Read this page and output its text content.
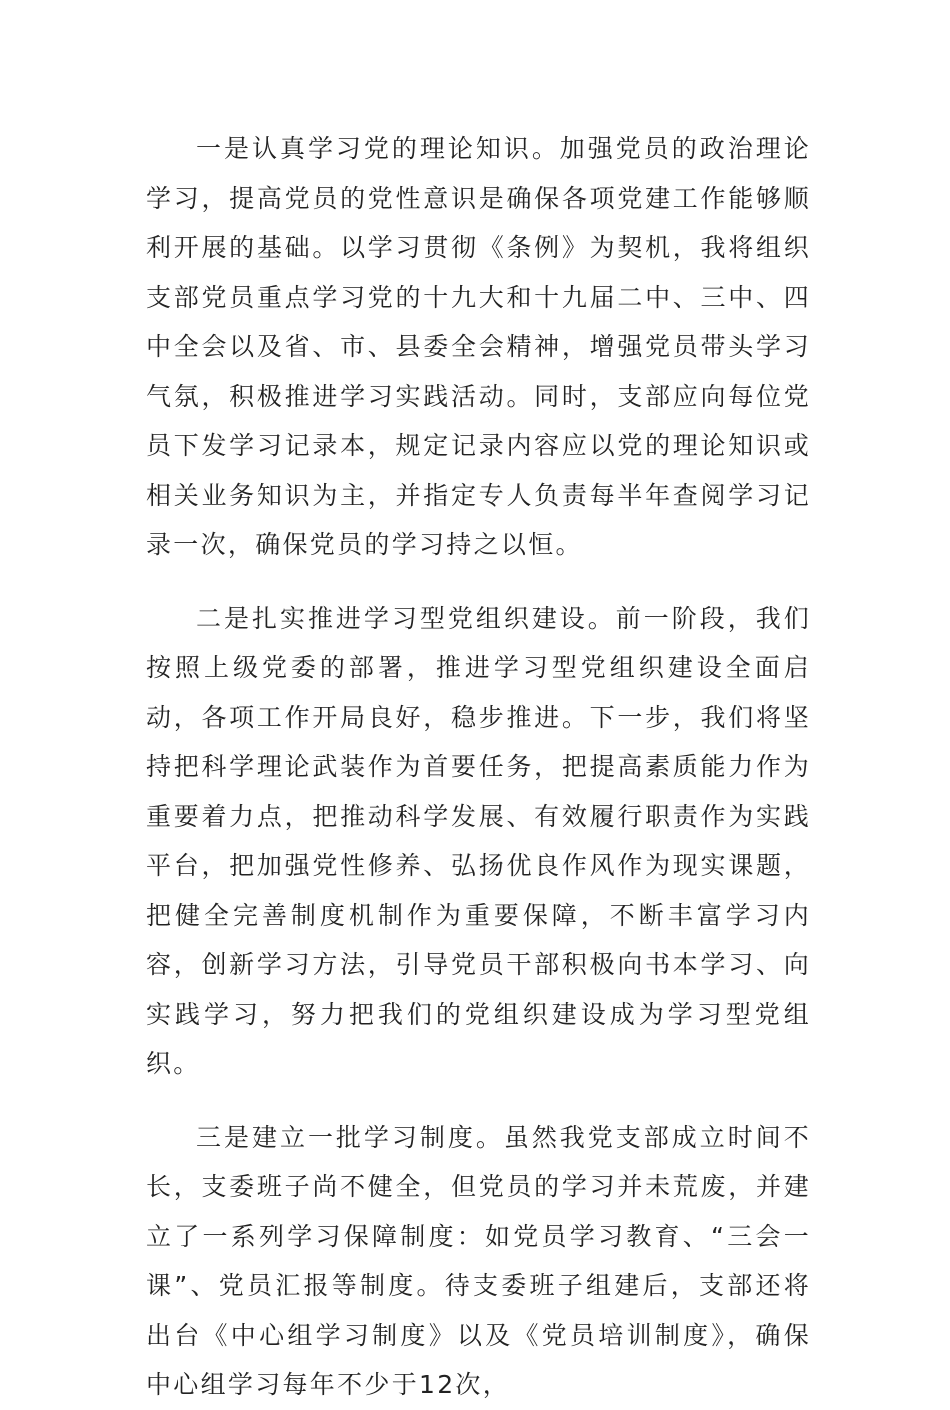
一是认真学习党的理论知识。加强党员的政治理论学习，提高党员的党性意识是确保各项党建工作能够顺利开展的基础。以学习贯彻《条例》为契机，我将组织支部党员重点学习党的十九大和十九届二中、三中、四中全会以及省、市、县委全会精神，增强党员带头学习气氛，积极推进学习实践活动。同时，支部应向每位党员下发学习记录本，规定记录内容应以党的理论知识或相关业务知识为主，并指定专人负责每半年查阅学习记录一次，确保党员的学习持之以恒。

二是扎实推进学习型党组织建设。前一阶段，我们按照上级党委的部署，推进学习型党组织建设全面启动，各项工作开局良好，稳步推进。下一步，我们将坚持把科学理论武装作为首要任务，把提高素质能力作为重要着力点，把推动科学发展、有效履行职责作为实践平台，把加强党性修养、弘扬优良作风作为现实课题，把健全完善制度机制作为重要保障，不断丰富学习内容，创新学习方法，引导党员干部积极向书本学习、向实践学习，努力把我们的党组织建设成为学习型党组织。

三是建立一批学习制度。虽然我党支部成立时间不长，支委班子尚不健全，但党员的学习并未荒废，并建立了一系列学习保障制度：如党员学习教育、“三会一课”、党员汇报等制度。待支委班子组建后，支部还将出台《中心组学习制度》以及《党员培训制度》，确保中心组学习每年不少于12次，
